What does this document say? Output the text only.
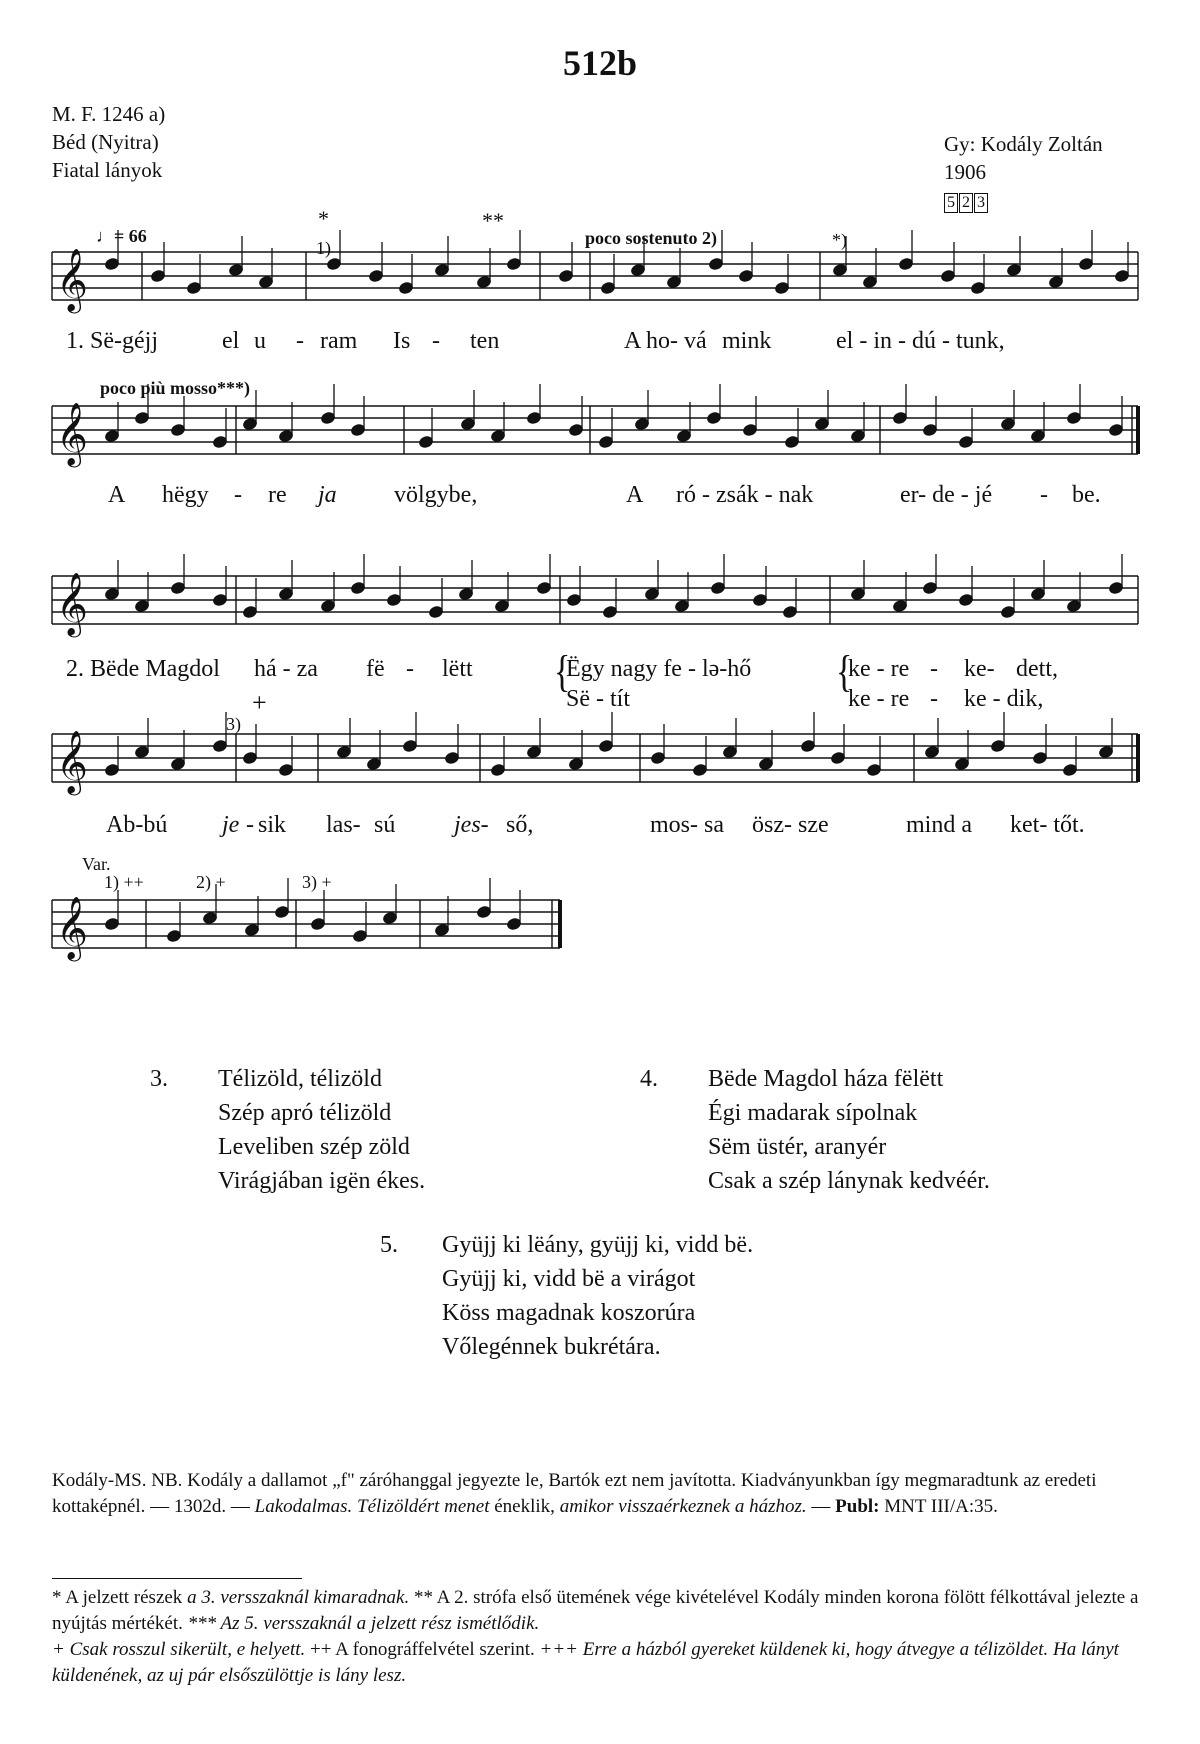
512b
M. F. 1246 a)
Béd (Nyitra)
Fiatal lányok
Gy: Kodály Zoltán
1906
5 2 3
𝄞
𝄞
𝄞
𝄞
𝄞
♩= 66
*	**
1)	poco sostenuto 2)	*)
poco più mosso***)
+
3)
Var.
1) ++	2) +	3) +
1. Së-géjj	el u - ram Is - ten	A ho- vá mink	el - in - dú - tunk,
A hëgy - re ja völgybe,	A ró - zsák - nak	er- de - jé - be.
2. Bëde Magdol há - za fë - lëtt	Ëgy nagy fe - lə-hő	ke - re - ke- dett,
{	{
Së - tít	ke - re - ke - dik,
Ab-bú je - sik las- sú jes- ső,	mos- sa ösz- sze	mind a ket- tőt.
3. Télizöld, télizöld
Szép apró télizöld
Leveliben szép zöld
Virágjában igën ékes.
4. Bëde Magdol háza fëlëtt
Égi madarak sípolnak
Sëm üstér, aranyér
Csak a szép lánynak kedvéér.
5. Gyüjj ki lëány, gyüjj ki, vidd bë.
Gyüjj ki, vidd bë a virágot
Köss magadnak koszorúra
Vőlegénnek bukrétára.

Kodály-MS. NB. Kodály a dallamot „f" záróhanggal jegyezte le, Bartók ezt nem javította. Kiadványunkban így megmaradtunk az eredeti kottaképnél. — 1302d. — Lakodalmas. Télizöldért menet éneklik, amikor visszaérkeznek a házhoz. — Publ: MNT III/A:35.

* A jelzett részek a 3. versszaknál kimaradnak. ** A 2. strófa első ütemének vége kivételével Kodály minden korona fölött félkottával jelezte a nyújtás mértékét. *** Az 5. versszaknál a jelzett rész ismétlődik.

+ Csak rosszul sikerült, e helyett. ++ A fonográffelvétel szerint. +++ Erre a házból gyereket küldenek ki, hogy átvegye a télizöldet. Ha lányt küldenének, az uj pár elsőszülöttje is lány lesz.
